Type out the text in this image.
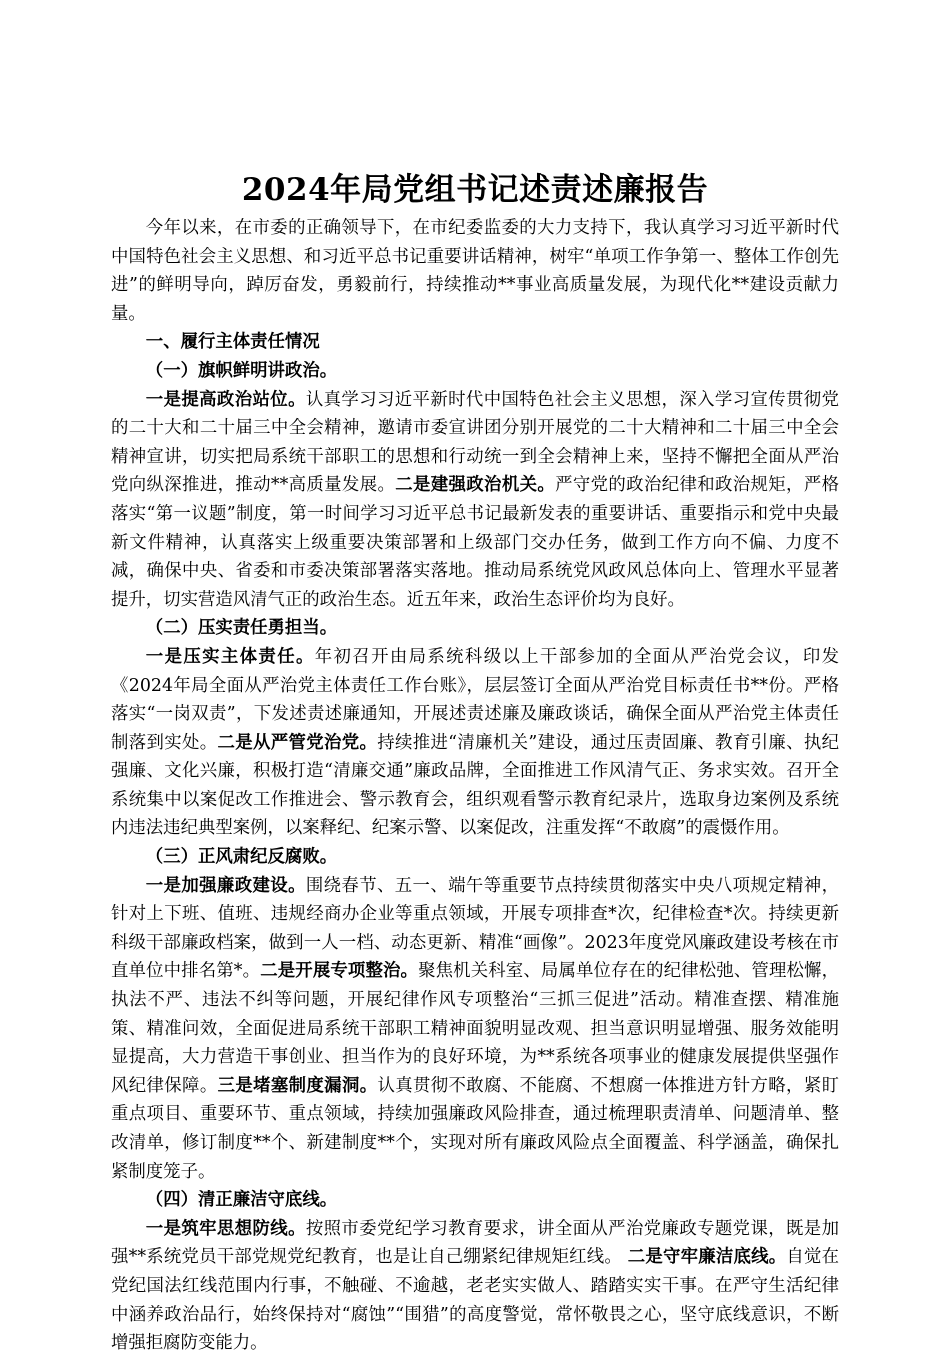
2024年局党组书记述责述廉报告

今年以来，在市委的正确领导下，在市纪委监委的大力支持下，我认真学习习近平新时代中国特色社会主义思想、和习近平总书记重要讲话精神，树牢“单项工作争第一、整体工作创先进”的鲜明导向，踔厉奋发，勇毅前行，持续推动**事业高质量发展，为现代化**建设贡献力量。

一、履行主体责任情况

（一）旗帜鲜明讲政治。

一是提高政治站位。认真学习习近平新时代中国特色社会主义思想，深入学习宣传贯彻党的二十大和二十届三中全会精神，邀请市委宣讲团分别开展党的二十大精神和二十届三中全会精神宣讲，切实把局系统干部职工的思想和行动统一到全会精神上来，坚持不懈把全面从严治党向纵深推进，推动**高质量发展。二是建强政治机关。严守党的政治纪律和政治规矩，严格落实“第一议题”制度，第一时间学习习近平总书记最新发表的重要讲话、重要指示和党中央最新文件精神，认真落实上级重要决策部署和上级部门交办任务，做到工作方向不偏、力度不减，确保中央、省委和市委决策部署落实落地。推动局系统党风政风总体向上、管理水平显著提升，切实营造风清气正的政治生态。近五年来，政治生态评价均为良好。

（二）压实责任勇担当。

一是压实主体责任。年初召开由局系统科级以上干部参加的全面从严治党会议，印发《2024年局全面从严治党主体责任工作台账》，层层签订全面从严治党目标责任书**份。严格落实“一岗双责”，下发述责述廉通知，开展述责述廉及廉政谈话，确保全面从严治党主体责任制落到实处。二是从严管党治党。持续推进“清廉机关”建设，通过压责固廉、教育引廉、执纪强廉、文化兴廉，积极打造“清廉交通”廉政品牌，全面推进工作风清气正、务求实效。召开全系统集中以案促改工作推进会、警示教育会，组织观看警示教育纪录片，选取身边案例及系统内违法违纪典型案例，以案释纪、纪案示警、以案促改，注重发挥“不敢腐”的震慑作用。

（三）正风肃纪反腐败。

一是加强廉政建设。围绕春节、五一、端午等重要节点持续贯彻落实中央八项规定精神，针对上下班、值班、违规经商办企业等重点领域，开展专项排查*次，纪律检查*次。持续更新科级干部廉政档案，做到一人一档、动态更新、精准“画像”。2023年度党风廉政建设考核在市直单位中排名第*。二是开展专项整治。聚焦机关科室、局属单位存在的纪律松弛、管理松懈，执法不严、违法不纠等问题，开展纪律作风专项整治“三抓三促进”活动。精准查摆、精准施策、精准问效，全面促进局系统干部职工精神面貌明显改观、担当意识明显增强、服务效能明显提高，大力营造干事创业、担当作为的良好环境，为**系统各项事业的健康发展提供坚强作风纪律保障。三是堵塞制度漏洞。认真贯彻不敢腐、不能腐、不想腐一体推进方针方略，紧盯重点项目、重要环节、重点领域，持续加强廉政风险排查，通过梳理职责清单、问题清单、整改清单，修订制度**个、新建制度**个，实现对所有廉政风险点全面覆盖、科学涵盖，确保扎紧制度笼子。

（四）清正廉洁守底线。

一是筑牢思想防线。按照市委党纪学习教育要求，讲全面从严治党廉政专题党课，既是加强**系统党员干部党规党纪教育，也是让自己绷紧纪律规矩红线。 二是守牢廉洁底线。自觉在党纪国法红线范围内行事，不触碰、不逾越，老老实实做人、踏踏实实干事。在严守生活纪律中涵养政治品行，始终保持对“腐蚀”“围猎”的高度警觉，常怀敬畏之心，坚守底线意识，不断增强拒腐防变能力。
